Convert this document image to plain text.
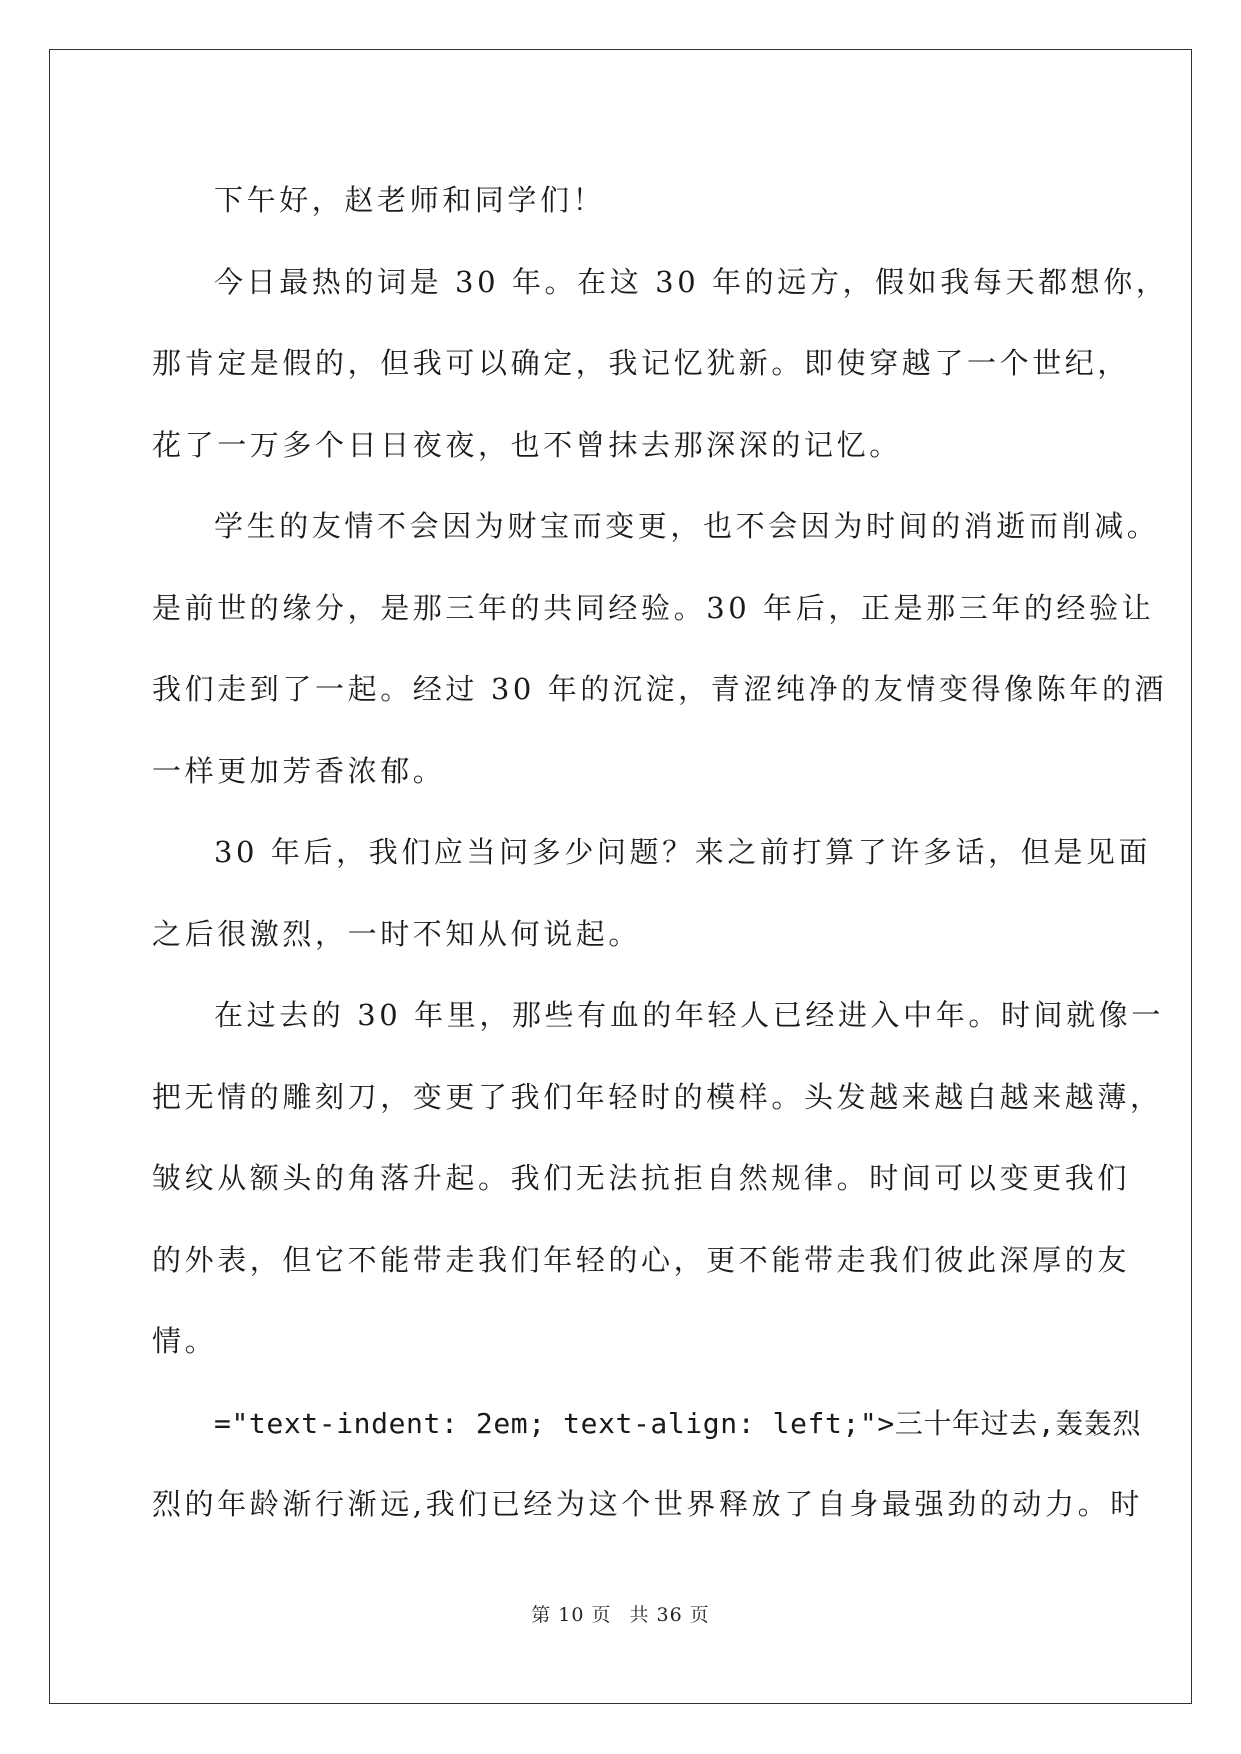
下午好，赵老师和同学们！

今日最热的词是 30 年。在这 30 年的远方，假如我每天都想你，
那肯定是假的，但我可以确定，我记忆犹新。即使穿越了一个世纪，
花了一万多个日日夜夜，也不曾抹去那深深的记忆。

学生的友情不会因为财宝而变更，也不会因为时间的消逝而削减。
是前世的缘分，是那三年的共同经验。30 年后，正是那三年的经验让
我们走到了一起。经过 30 年的沉淀，青涩纯净的友情变得像陈年的酒
一样更加芳香浓郁。

30 年后，我们应当问多少问题？来之前打算了许多话，但是见面
之后很激烈，一时不知从何说起。

在过去的 30 年里，那些有血的年轻人已经进入中年。时间就像一
把无情的雕刻刀，变更了我们年轻时的模样。头发越来越白越来越薄，
皱纹从额头的角落升起。我们无法抗拒自然规律。时间可以变更我们
的外表，但它不能带走我们年轻的心，更不能带走我们彼此深厚的友
情。

="text-indent: 2em; text-align: left;">三十年过去,轰轰烈
烈的年龄渐行渐远,我们已经为这个世界释放了自身最强劲的动力。时

第 10 页 共 36 页
